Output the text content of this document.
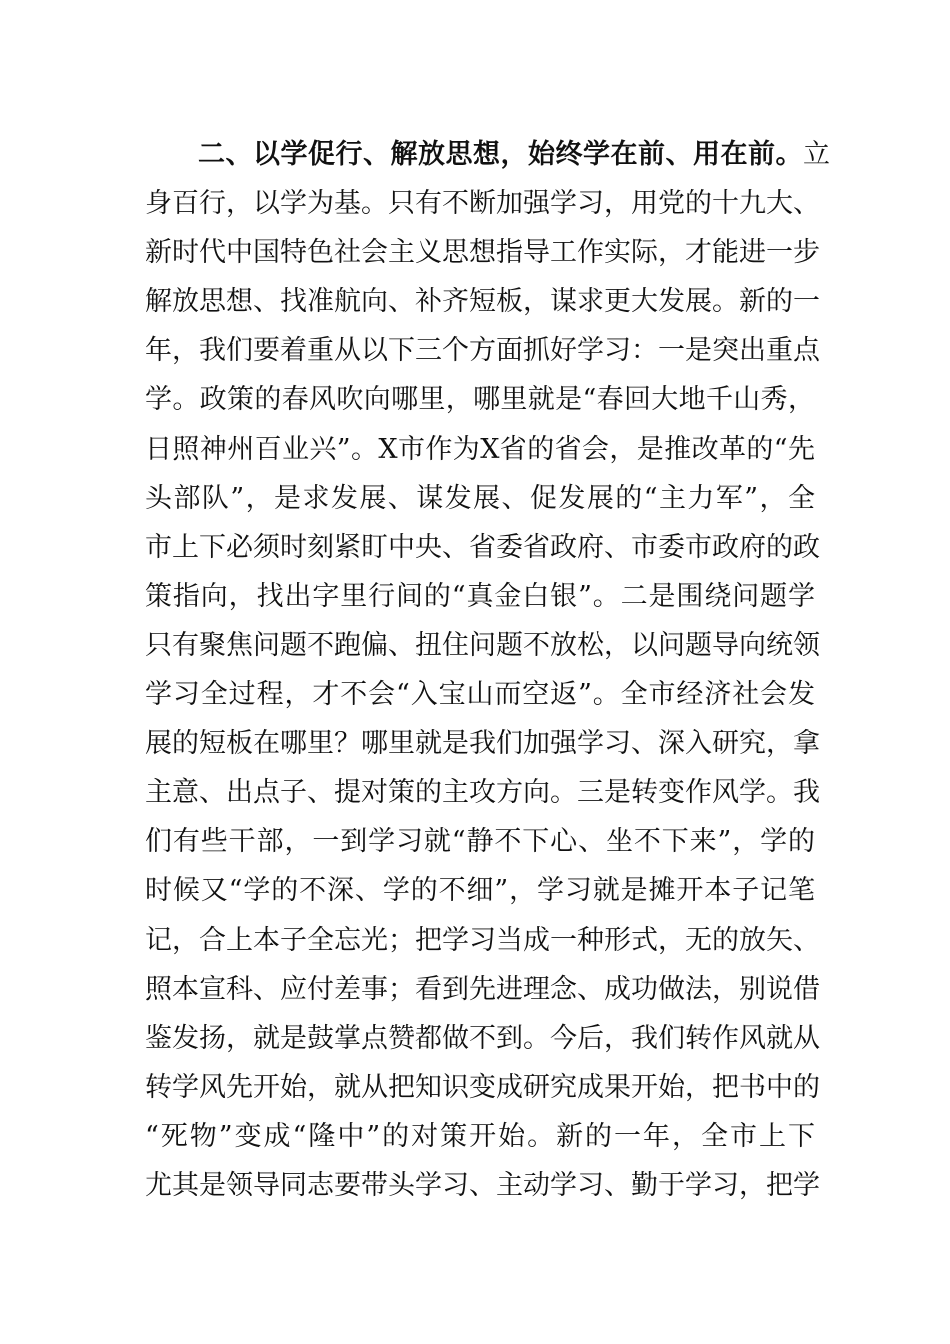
二、以学促行、解放思想，始终学在前、用在前。立
身百行，以学为基。只有不断加强学习，用党的十九大、
新时代中国特色社会主义思想指导工作实际，才能进一步
解放思想、找准航向、补齐短板，谋求更大发展。新的一
年，我们要着重从以下三个方面抓好学习：一是突出重点
学。政策的春风吹向哪里，哪里就是“春回大地千山秀，
日照神州百业兴”。X市作为X省的省会，是推改革的“先
头部队”，是求发展、谋发展、促发展的“主力军”，全
市上下必须时刻紧盯中央、省委省政府、市委市政府的政
策指向，找出字里行间的“真金白银”。二是围绕问题学
只有聚焦问题不跑偏、扭住问题不放松，以问题导向统领
学习全过程，才不会“入宝山而空返”。全市经济社会发
展的短板在哪里？哪里就是我们加强学习、深入研究，拿
主意、出点子、提对策的主攻方向。三是转变作风学。我
们有些干部，一到学习就“静不下心、坐不下来”，学的
时候又“学的不深、学的不细”，学习就是摊开本子记笔
记，合上本子全忘光；把学习当成一种形式，无的放矢、
照本宣科、应付差事；看到先进理念、成功做法，别说借
鉴发扬，就是鼓掌点赞都做不到。今后，我们转作风就从
转学风先开始，就从把知识变成研究成果开始，把书中的
“死物”变成“隆中”的对策开始。新的一年，全市上下
尤其是领导同志要带头学习、主动学习、勤于学习，把学
